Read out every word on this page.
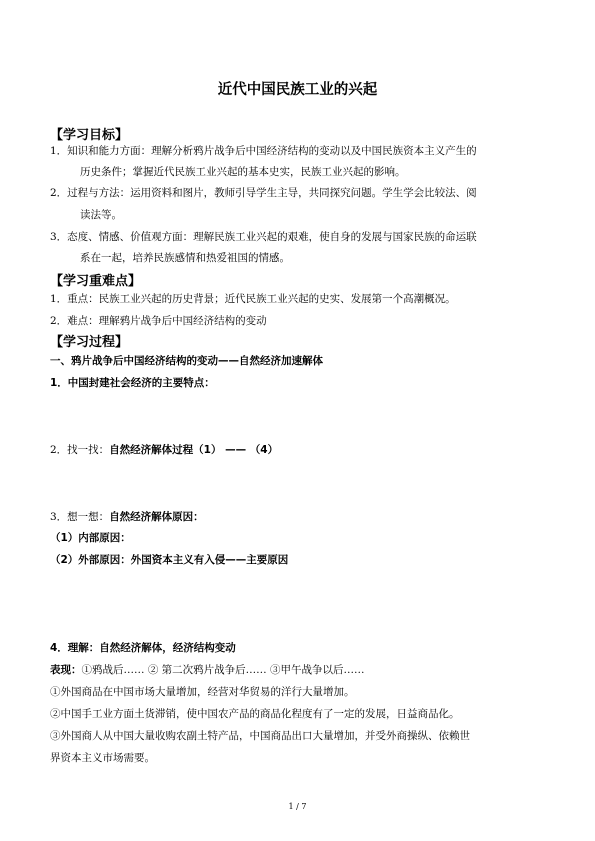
近代中国民族工业的兴起
【学习目标】
1．知识和能力方面：理解分析鸦片战争后中国经济结构的变动以及中国民族资本主义产生的
历史条件；掌握近代民族工业兴起的基本史实，民族工业兴起的影响。
2．过程与方法：运用资料和图片，教师引导学生主导，共同探究问题。学生学会比较法、阅
读法等。
3．态度、情感、价值观方面：理解民族工业兴起的艰难，使自身的发展与国家民族的命运联
系在一起，培养民族感情和热爱祖国的情感。
【学习重难点】
1．重点：民族工业兴起的历史背景；近代民族工业兴起的史实、发展第一个高潮概况。
2．难点：理解鸦片战争后中国经济结构的变动
【学习过程】
一、鸦片战争后中国经济结构的变动——自然经济加速解体
1．中国封建社会经济的主要特点：
2．找一找：自然经济解体过程（1） —— （4）
3．想一想：自然经济解体原因：
（1）内部原因：
（2）外部原因：外国资本主义有入侵——主要原因
4．理解：自然经济解体，经济结构变动
表现：①鸦战后…… ② 第二次鸦片战争后…… ③甲午战争以后……
①外国商品在中国市场大量增加，经营对华贸易的洋行大量增加。
②中国手工业方面土货滞销，使中国农产品的商品化程度有了一定的发展，日益商品化。
③外国商人从中国大量收购农副土特产品，中国商品出口大量增加，并受外商操纵、依赖世
界资本主义市场需要。
1 / 7
